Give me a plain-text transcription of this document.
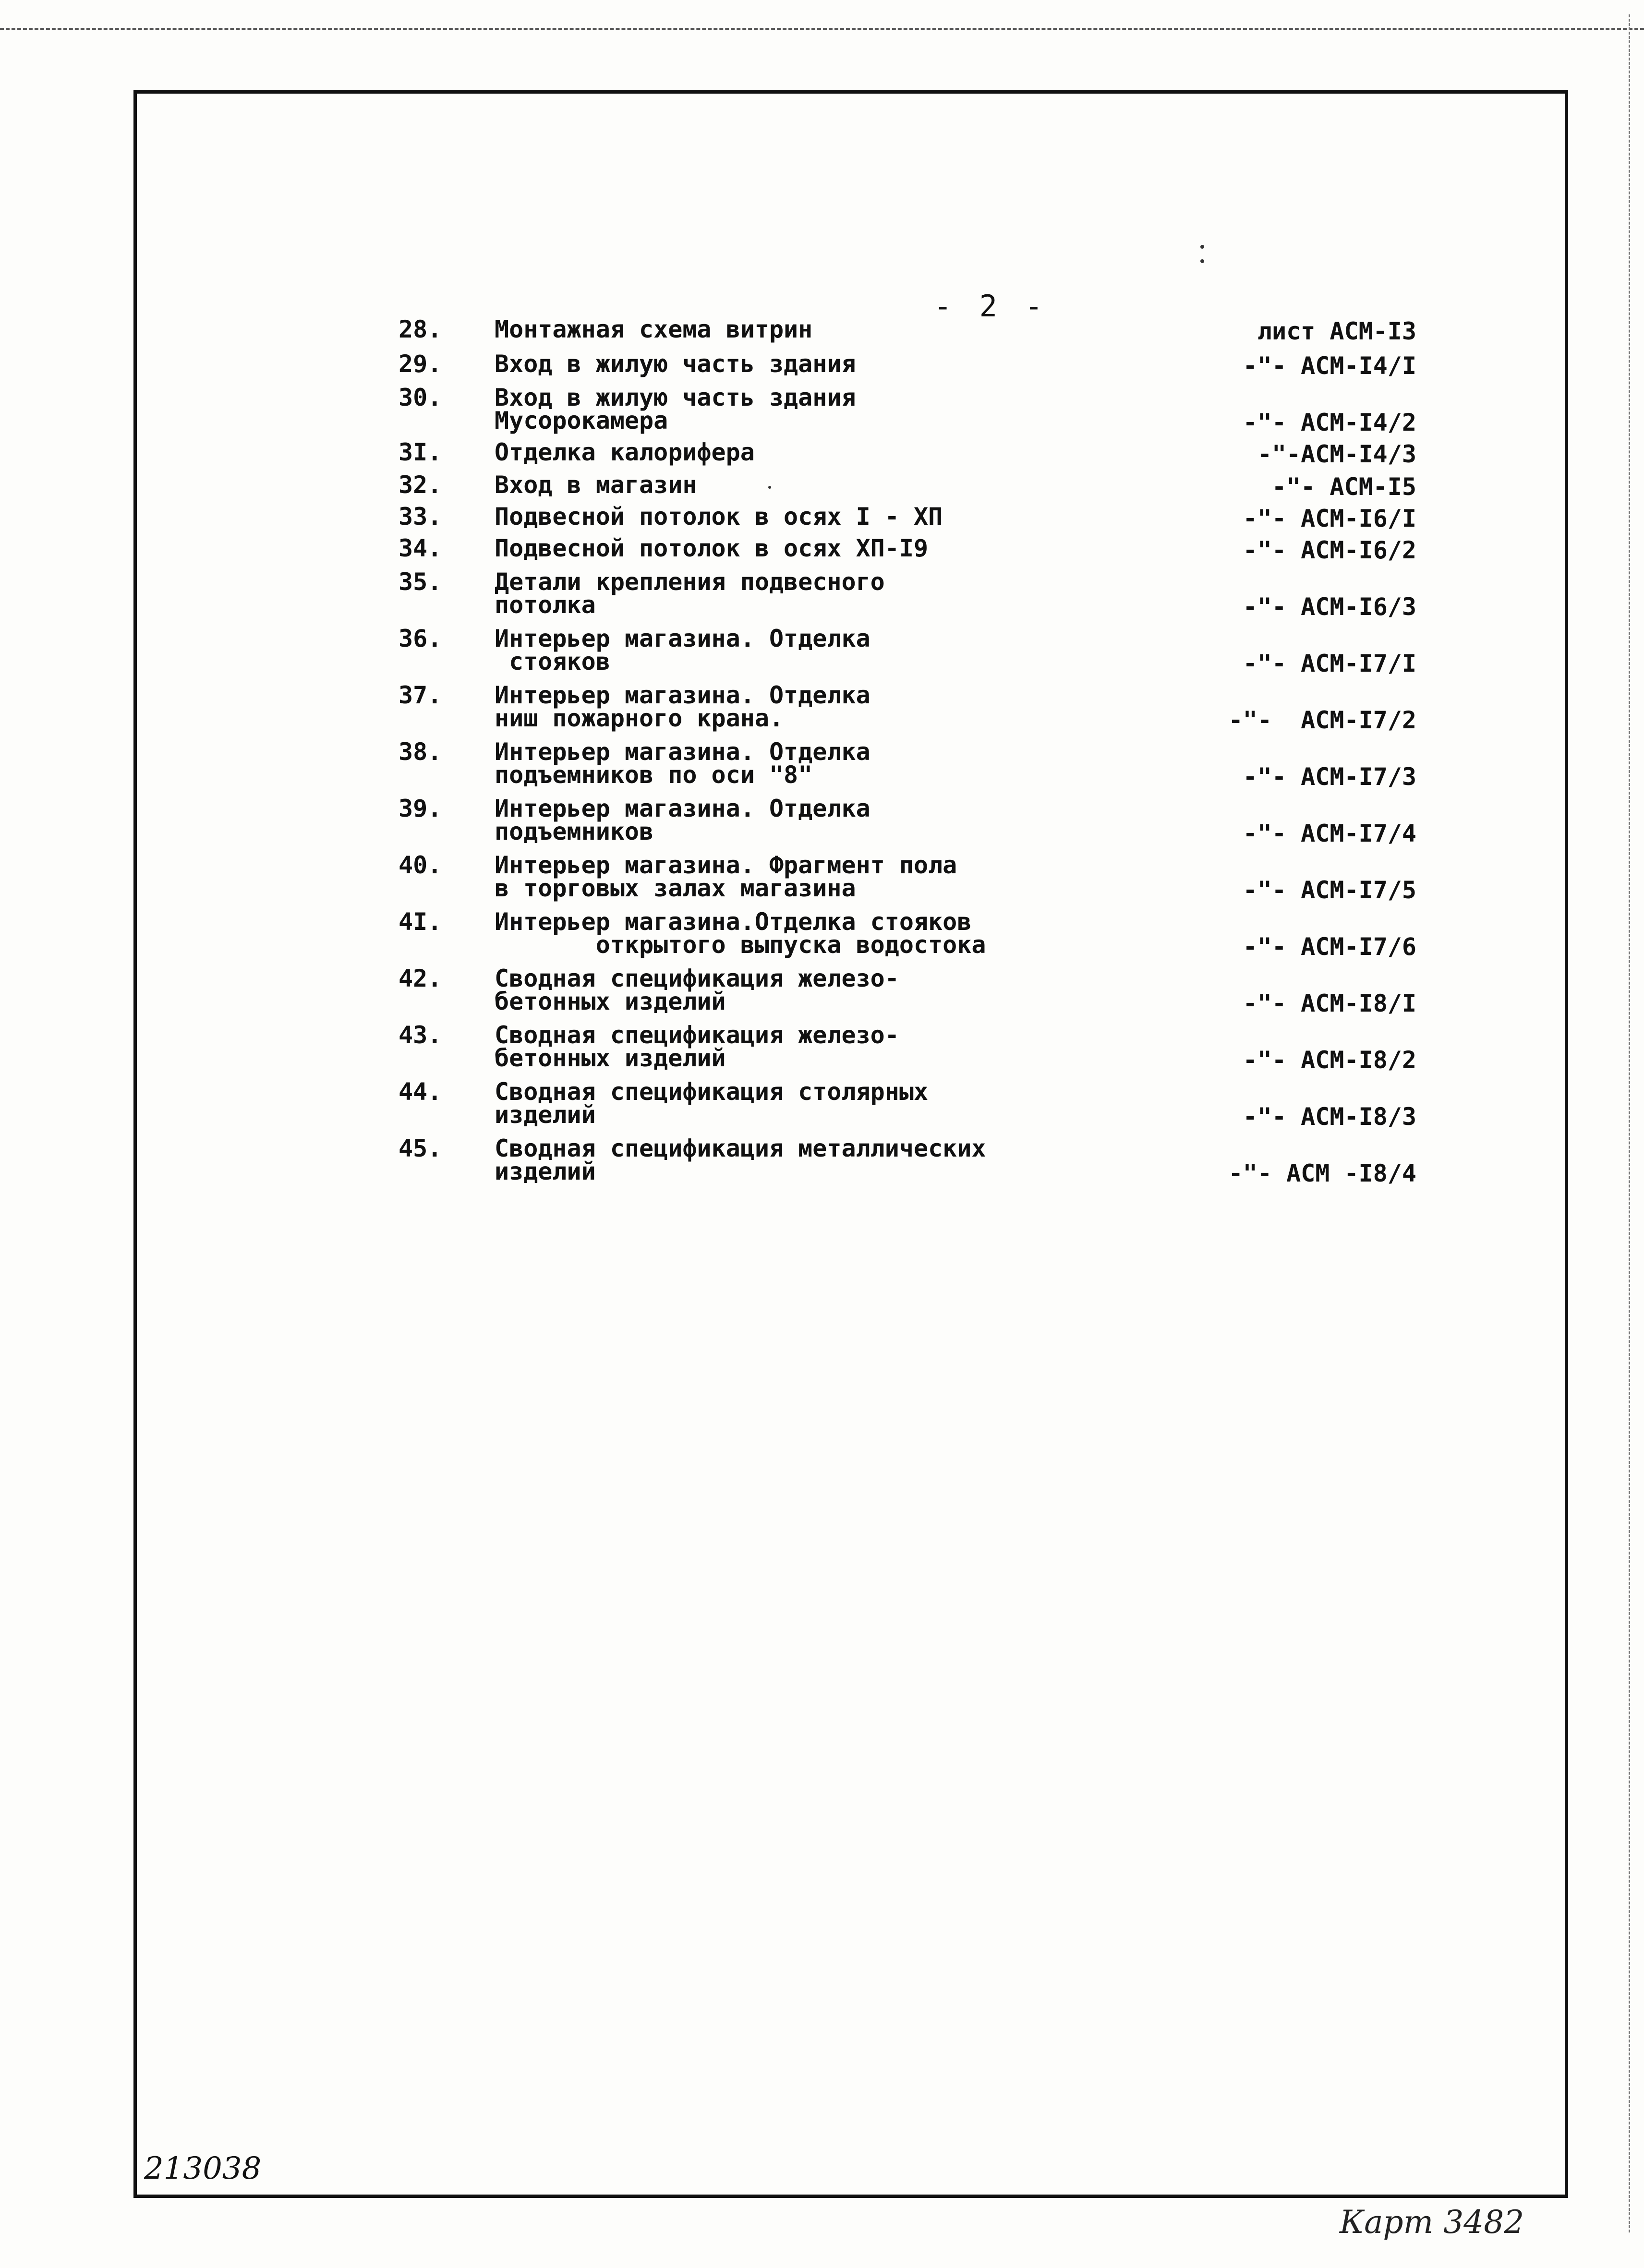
- 2 -
28.	Монтажная схема витрин	лист АСМ-I3
29.	Вход в жилую часть здания	-"- АСМ-I4/I
30.	Вход в жилую часть здания
Мусорокамера	-"- АСМ-I4/2
3I.	Отделка калорифера	-"-АСМ-I4/3
32.	Вход в магазин	-"- АСМ-I5
33.	Подвесной потолок в осях I - ХП	-"- АСМ-I6/I
34.	Подвесной потолок в осях ХП-I9	-"- АСМ-I6/2
35.	Детали крепления подвесного
потолка	-"- АСМ-I6/3
36.	Интерьер магазина. Отделка
стояков	-"- АСМ-I7/I
37.	Интерьер магазина. Отделка
ниш пожарного крана.	-"-  АСМ-I7/2
38.	Интерьер магазина. Отделка
подъемников по оси "8"	-"- АСМ-I7/3
39.	Интерьер магазина. Отделка
подъемников	-"- АСМ-I7/4
40.	Интерьер магазина. Фрагмент пола
в торговых залах магазина	-"- АСМ-I7/5
4I.	Интерьер магазина.Отделка стояков
открытого выпуска водостока	-"- АСМ-I7/6
42.	Сводная спецификация железо-
бетонных изделий	-"- АСМ-I8/I
43.	Сводная спецификация железо-
бетонных изделий	-"- АСМ-I8/2
44.	Сводная спецификация столярных
изделий	-"- АСМ-I8/3
45.	Сводная спецификация металлических
изделий	-"- АСМ -I8/4
213038
Карт 3482
